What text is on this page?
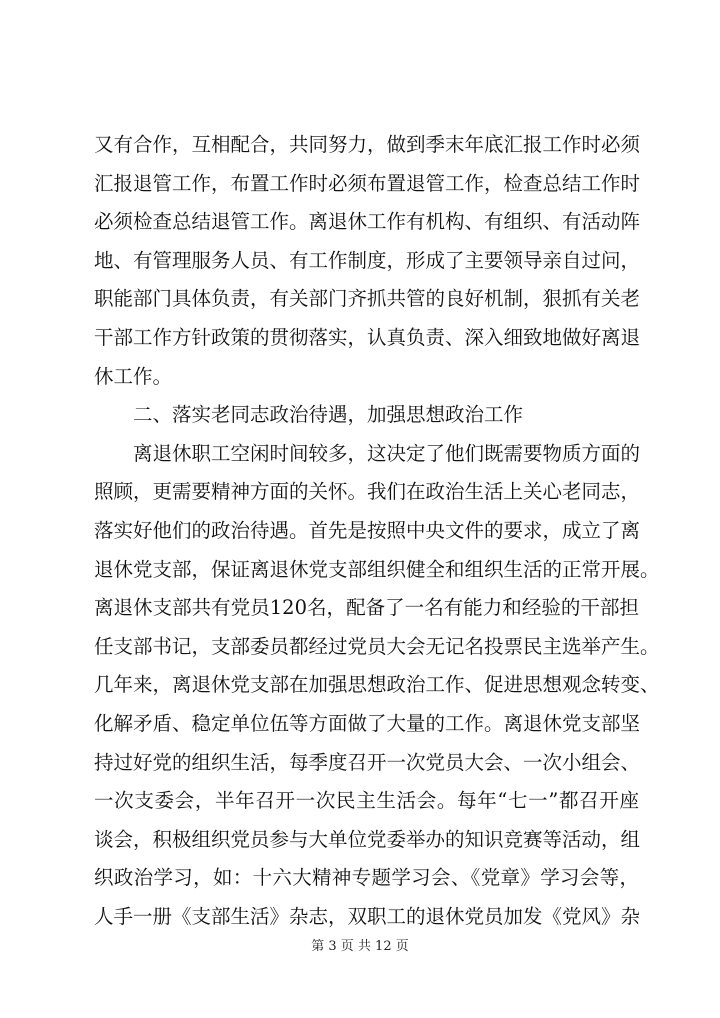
又有合作，互相配合，共同努力，做到季末年底汇报工作时必须
汇报退管工作，布置工作时必须布置退管工作，检查总结工作时
必须检查总结退管工作。离退休工作有机构、有组织、有活动阵
地、有管理服务人员、有工作制度，形成了主要领导亲自过问，
职能部门具体负责，有关部门齐抓共管的良好机制，狠抓有关老
干部工作方针政策的贯彻落实，认真负责、深入细致地做好离退
休工作。
二、落实老同志政治待遇，加强思想政治工作
离退休职工空闲时间较多，这决定了他们既需要物质方面的
照顾，更需要精神方面的关怀。我们在政治生活上关心老同志，
落实好他们的政治待遇。首先是按照中央文件的要求，成立了离
退休党支部，保证离退休党支部组织健全和组织生活的正常开展。
离退休支部共有党员120名，配备了一名有能力和经验的干部担
任支部书记，支部委员都经过党员大会无记名投票民主选举产生。
几年来，离退休党支部在加强思想政治工作、促进思想观念转变、
化解矛盾、稳定单位伍等方面做了大量的工作。离退休党支部坚
持过好党的组织生活，每季度召开一次党员大会、一次小组会、
一次支委会，半年召开一次民主生活会。每年“七一”都召开座
谈会，积极组织党员参与大单位党委举办的知识竞赛等活动，组
织政治学习，如：十六大精神专题学习会、《党章》学习会等，
人手一册《支部生活》杂志，双职工的退休党员加发《党风》杂
第 3 页 共 12 页
